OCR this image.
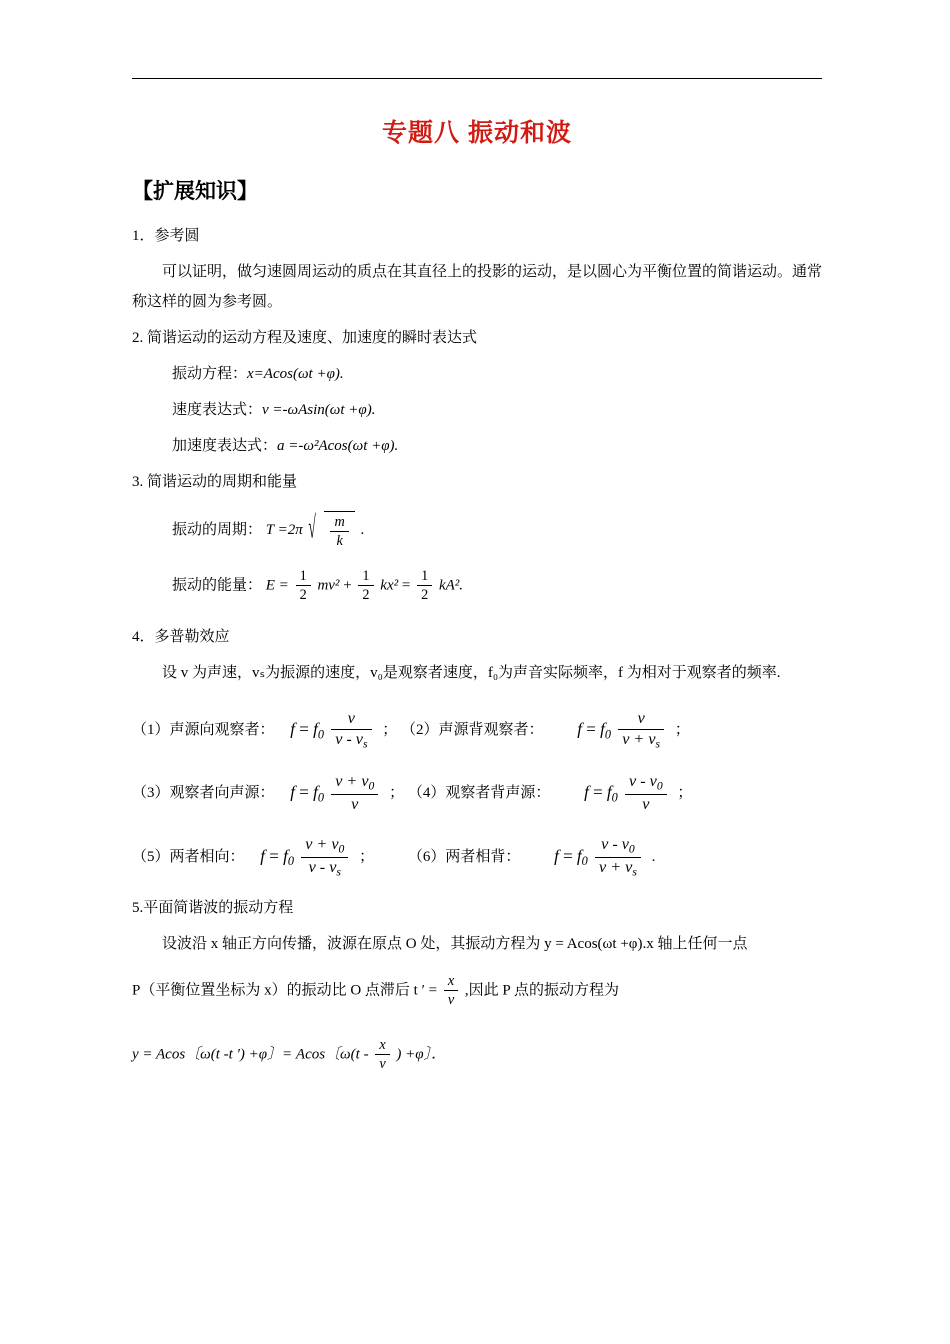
专题八 振动和波
【扩展知识】
1．参考圆
可以证明，做匀速圆周运动的质点在其直径上的投影的运动，是以圆心为平衡位置的简谐运动。通常称这样的圆为参考圆。
2. 简谐运动的运动方程及速度、加速度的瞬时表达式
振动方程：x=Acos(ωt +φ).
速度表达式：v =-ωAsin(ωt +φ).
加速度表达式：a =-ω²Acos(ωt +φ).
3. 简谐运动的周期和能量
振动的周期： T =2π √ $\frac{m}{k}$ .
振动的能量： $E = \frac{1}{2} mv^2 + \frac{1}{2} kx^2 = \frac{1}{2} kA^2$.
4．多普勒效应
设 v 为声速，vₛ为振源的速度，v₀是观察者速度，f₀为声音实际频率，f 为相对于观察者的频率.
（1）声源向观察者： $f = f_0 \frac{v}{v - v_s}$ ； （2）声源背观察者： $f = f_0 \frac{v}{v + v_s}$ ；
（3）观察者向声源： $f = f_0 \frac{v + v_0}{v}$ ； （4）观察者背声源： $f = f_0 \frac{v - v_0}{v}$ ；
（5）两者相向： $f = f_0 \frac{v + v_0}{v - v_s}$ ； （6）两者相背： $f = f_0 \frac{v - v_0}{v + v_s}$ .
5.平面简谐波的振动方程
设波沿 x 轴正方向传播，波源在原点 O 处，其振动方程为 y = Acos(ωt +φ).x 轴上任何一点
P（平衡位置坐标为 x）的振动比 O 点滞后 t ′ = $\frac{x}{v}$ ,因此 P 点的振动方程为
y = Acos〔ω(t -t ′) +φ〕= Acos〔$\omega(t - \frac{x}{v}$ ) +φ〕．
